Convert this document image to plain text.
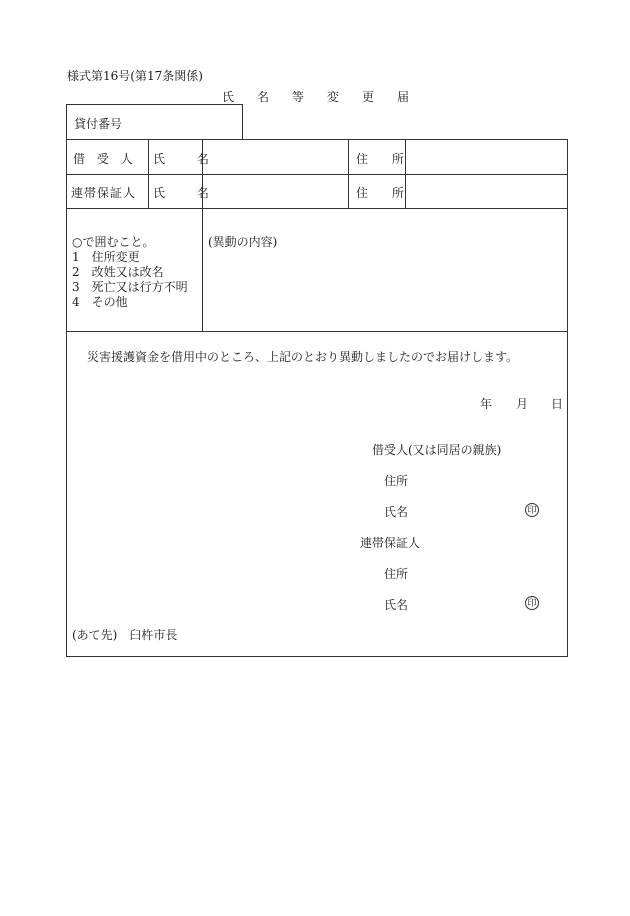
様式第16号(第17条関係)
氏 名 等 変 更 届
貸付番号
借 受 人 氏 名	住 所
連帯保証人 氏 名	住 所
○で囲むこと。
1　住所変更
2　改姓又は改名
3　死亡又は行方不明
4　その他
(異動の内容)
災害援護資金を借用中のところ、上記のとおり異動しましたのでお届けします。
年 月 日
借受人(又は同居の親族)
住所
氏名	印
連帯保証人
住所
氏名	印
(あて先)　臼杵市長
